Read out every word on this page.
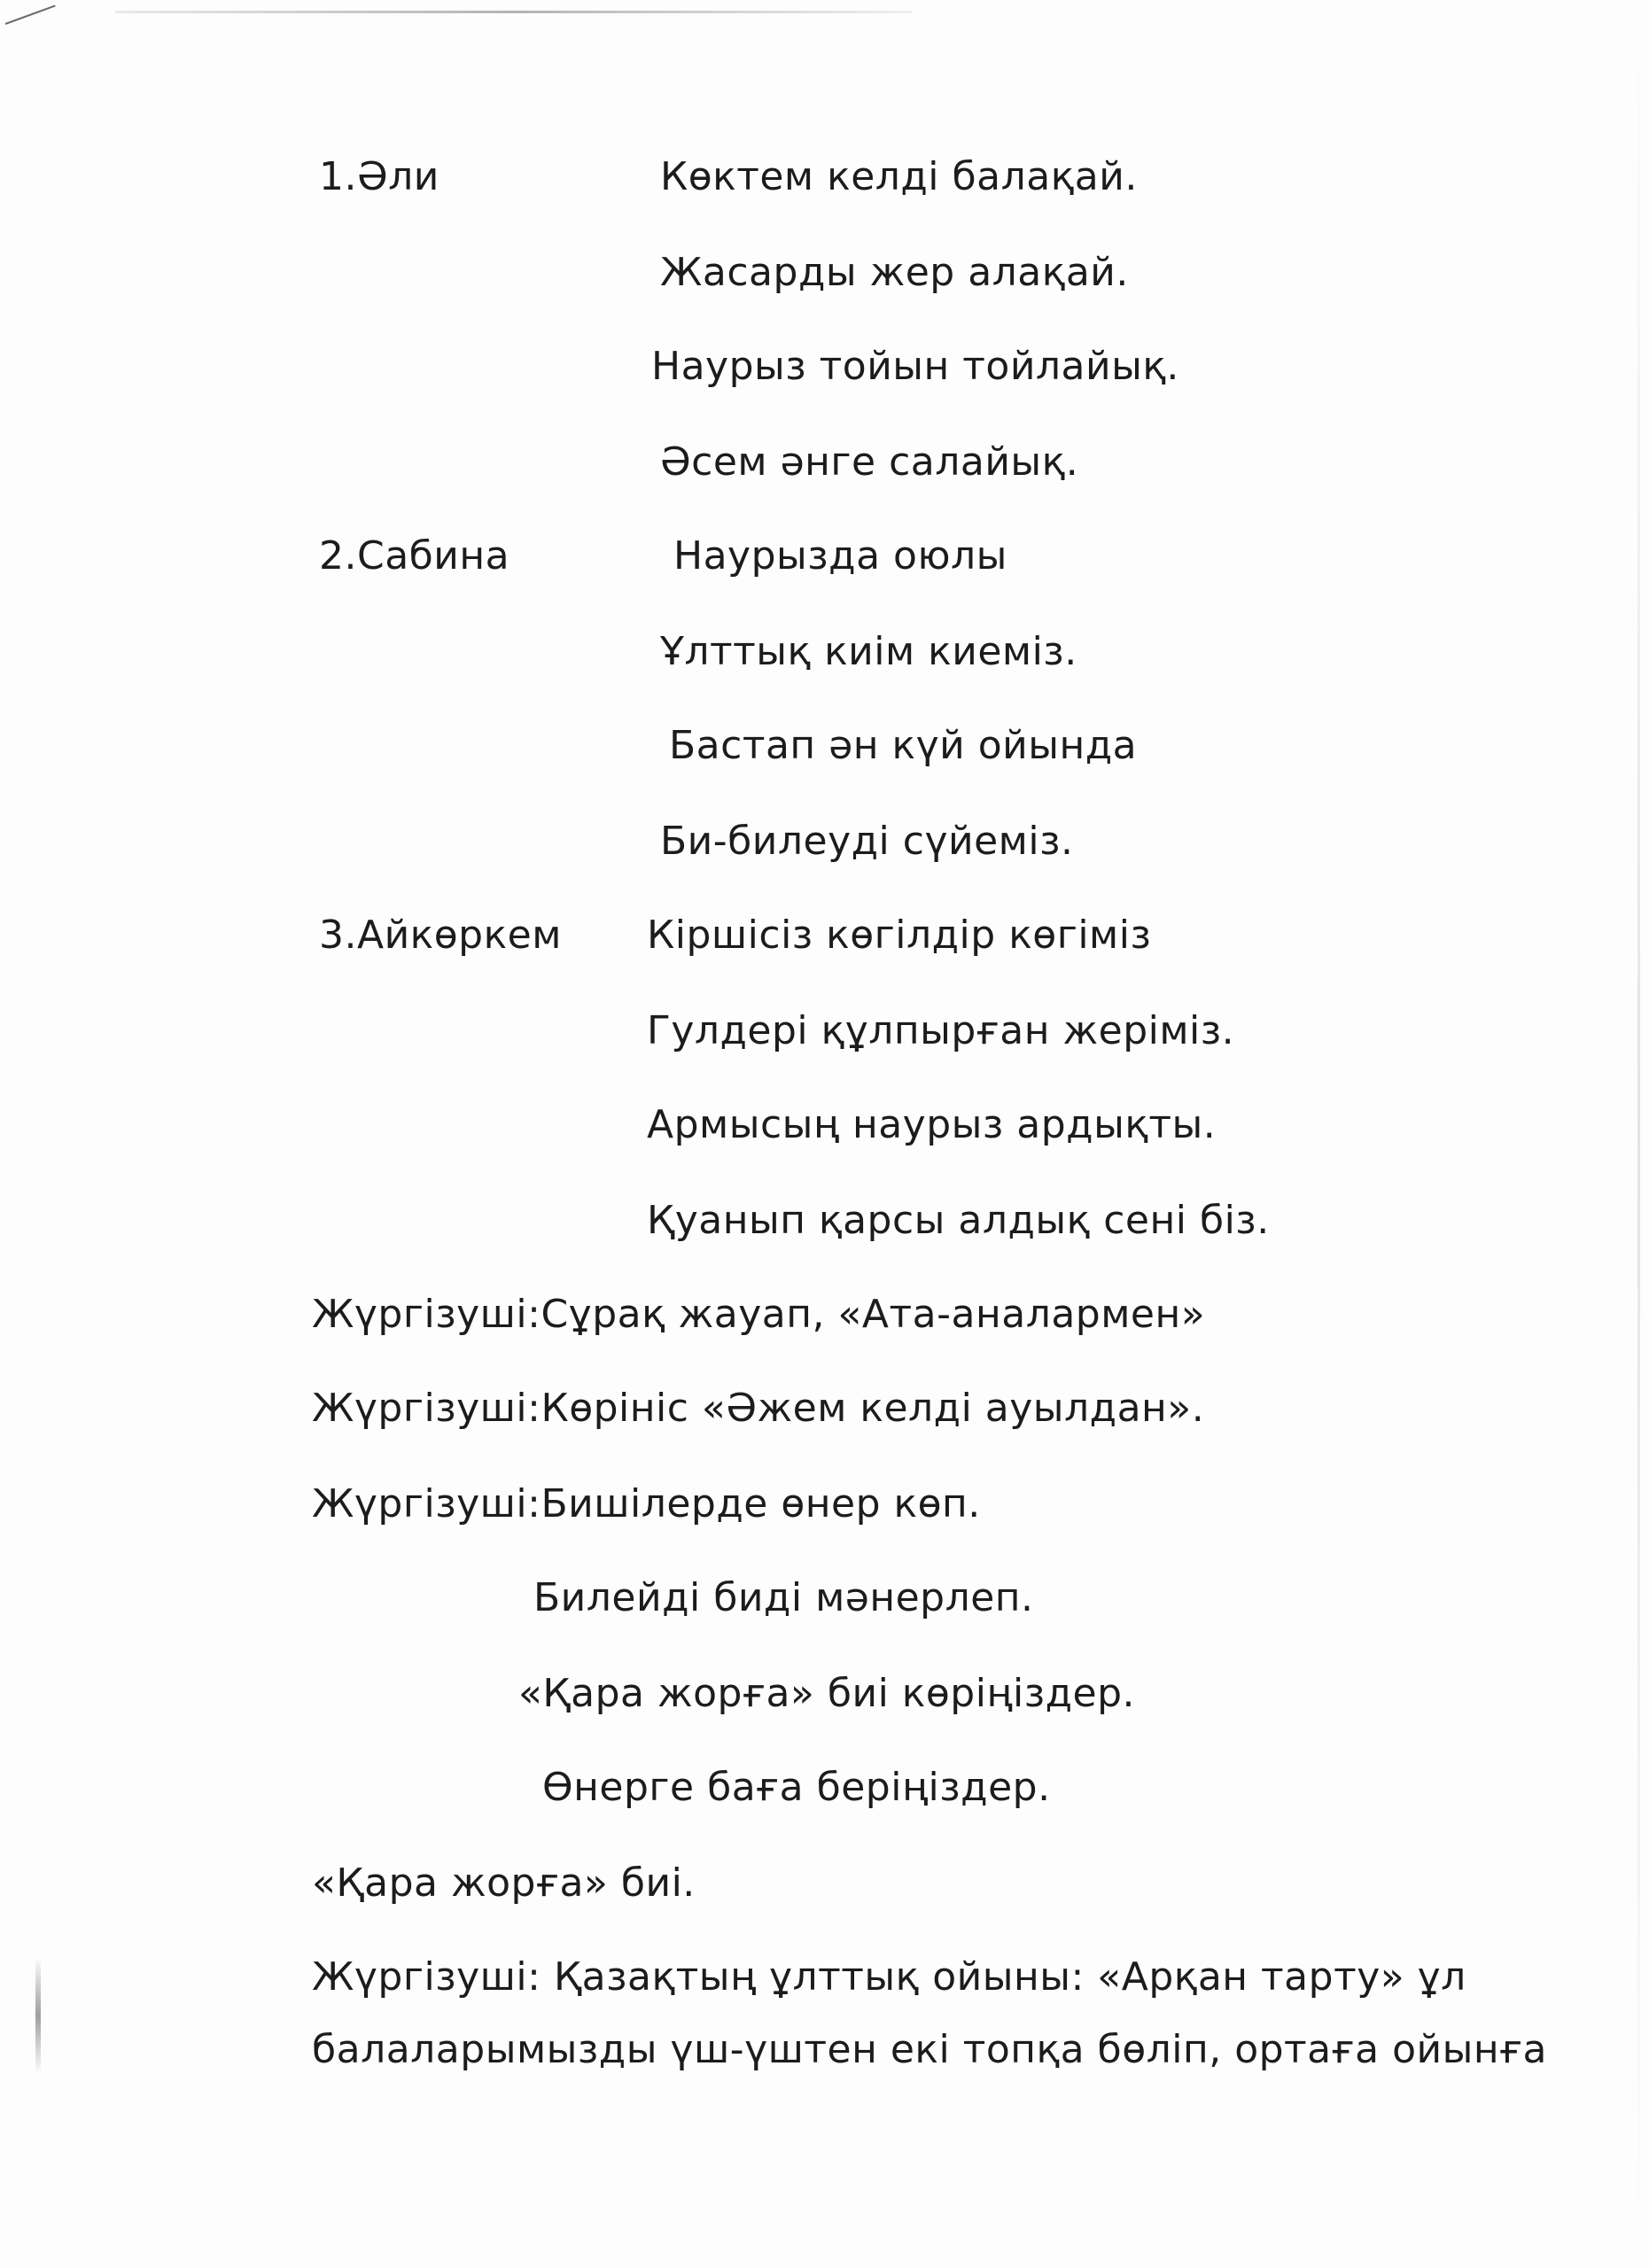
1.Әли	Көктем келді балақай.
Жасарды жер алақай.
Наурыз тойын тойлайық.
Әсем әнге салайық.
2.Сабина	Наурызда оюлы
Ұлттық киім киеміз.
Бастап ән күй ойында
Би-билеуді сүйеміз.
3.Айкөркем Кіршісіз көгілдір көгіміз
Гулдері құлпырған жеріміз.
Армысың наурыз ардықты.
Қуанып қарсы алдық сені біз.
Жүргізуші:Сұрақ жауап, «Ата-аналармен»
Жүргізуші:Көрініс «Әжем келді ауылдан».
Жүргізуші:Бишілерде өнер көп.
Билейді биді мәнерлеп.
«Қара жорға» биі көріңіздер.
Өнерге баға беріңіздер.
«Қара жорға» биі.
Жүргізуші: Қазақтың ұлттық ойыны: «Арқан тарту» ұл
балаларымызды үш-үштен екі топқа бөліп, ортаға ойынға
